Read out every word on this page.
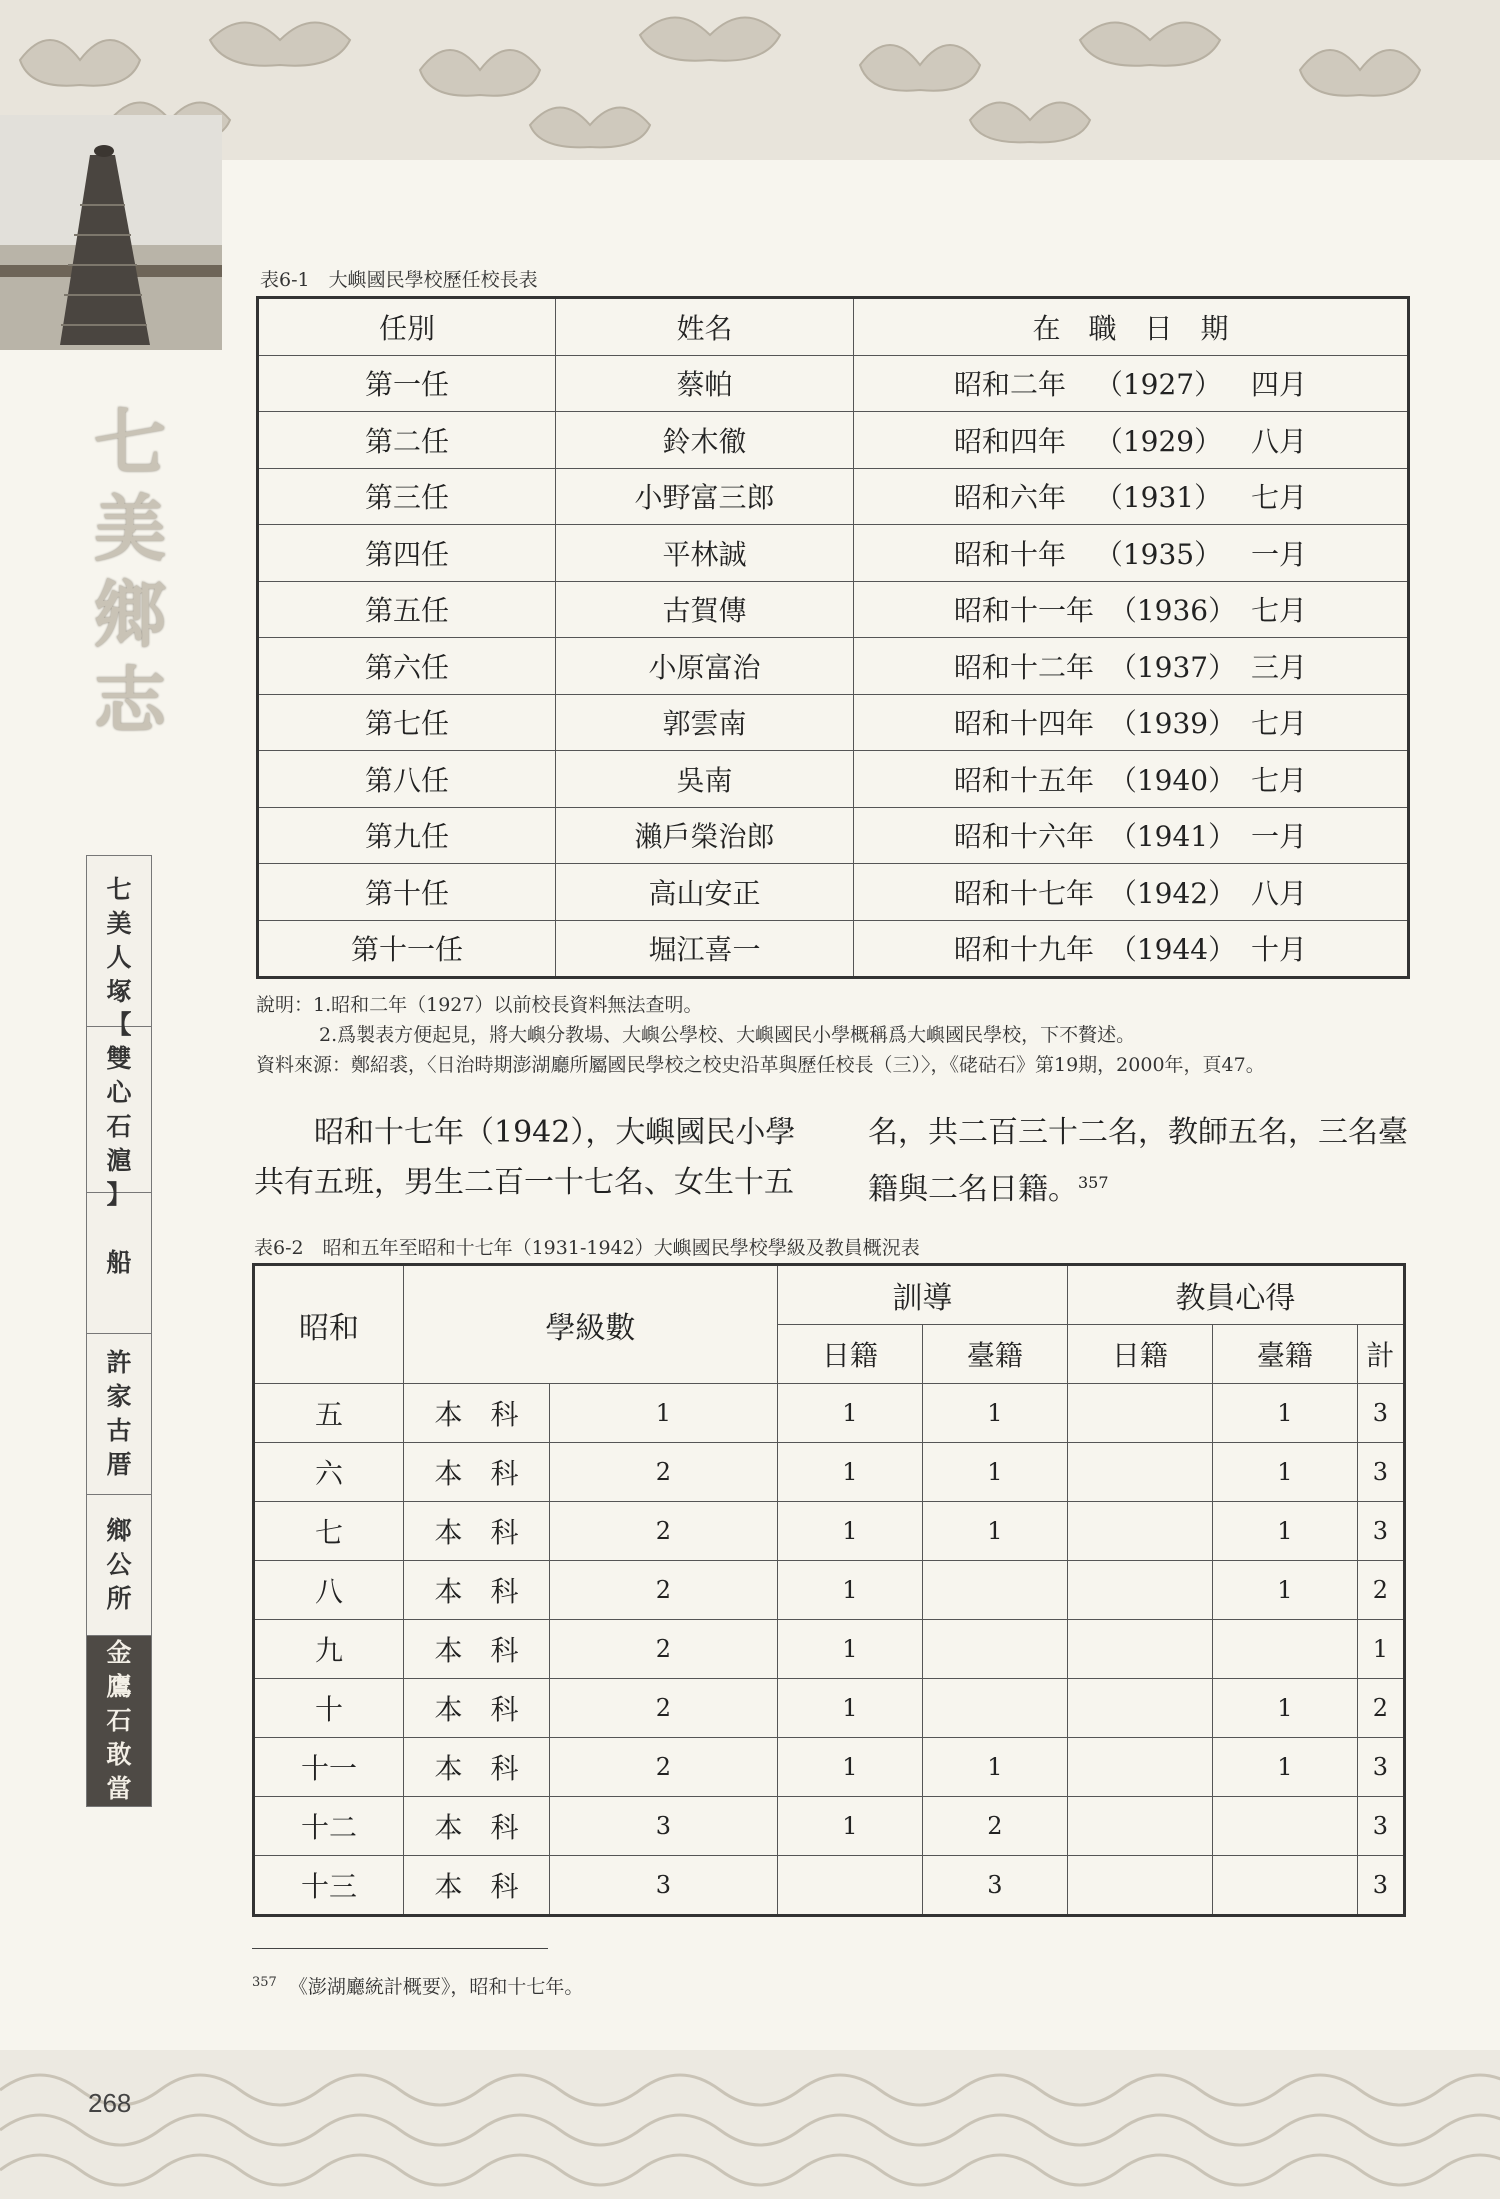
七
美
鄉
志
七
美
人
塚
【
雙
心
石
滬
】
船
許
家
古
厝
鄉
公
所
金
鷹
石
敢
當
268
表6-1　大嶼國民學校歷任校長表
任別	姓名	在　職　日　期
第一任	蔡帕	昭和二年 （1927） 四月

第二任	鈴木徹	昭和四年 （1929） 八月

第三任	小野富三郎	昭和六年 （1931） 七月

第四任	平林誠	昭和十年 （1935） 一月

第五任	古賀傳	昭和十一年 （1936） 七月

第六任	小原富治	昭和十二年 （1937） 三月

第七任	郭雲南	昭和十四年 （1939） 七月

第八任	吳南	昭和十五年 （1940） 七月

第九任	瀨戶榮治郎	昭和十六年 （1941） 一月

第十任	高山安正	昭和十七年 （1942） 八月

第十一任	堀江喜一	昭和十九年 （1944） 十月
說明：1.昭和二年（1927）以前校長資料無法查明。
2.爲製表方便起見，將大嶼分教場、大嶼公學校、大嶼國民小學概稱爲大嶼國民學校，下不贅述。
資料來源：鄭紹裘，〈日治時期澎湖廳所屬國民學校之校史沿革與歷任校長（三）〉，《硓𥑮石》第19期，2000年，頁47。
昭和十七年（1942），大嶼國民小學共有五班，男生二百一十七名、女生十五
名，共二百三十二名，教師五名，三名臺籍與二名日籍。$^{357}$
表6-2　昭和五年至昭和十七年（1931-1942）大嶼國民學校學級及教員概況表
昭和	學級數		訓導		教員心得		
			日籍	臺籍	日籍	臺籍	計
五	本　科	1	1	1		1	3
六	本　科	2	1	1		1	3
七	本　科	2	1	1		1	3
八	本　科	2	1			1	2
九	本　科	2	1				1
十	本　科	2	1			1	2
十一	本　科	2	1	1		1	3
十二	本　科	3	1	2			3
十三	本　科	3		3			3
$^{357}$ 《澎湖廳統計概要》，昭和十七年。
